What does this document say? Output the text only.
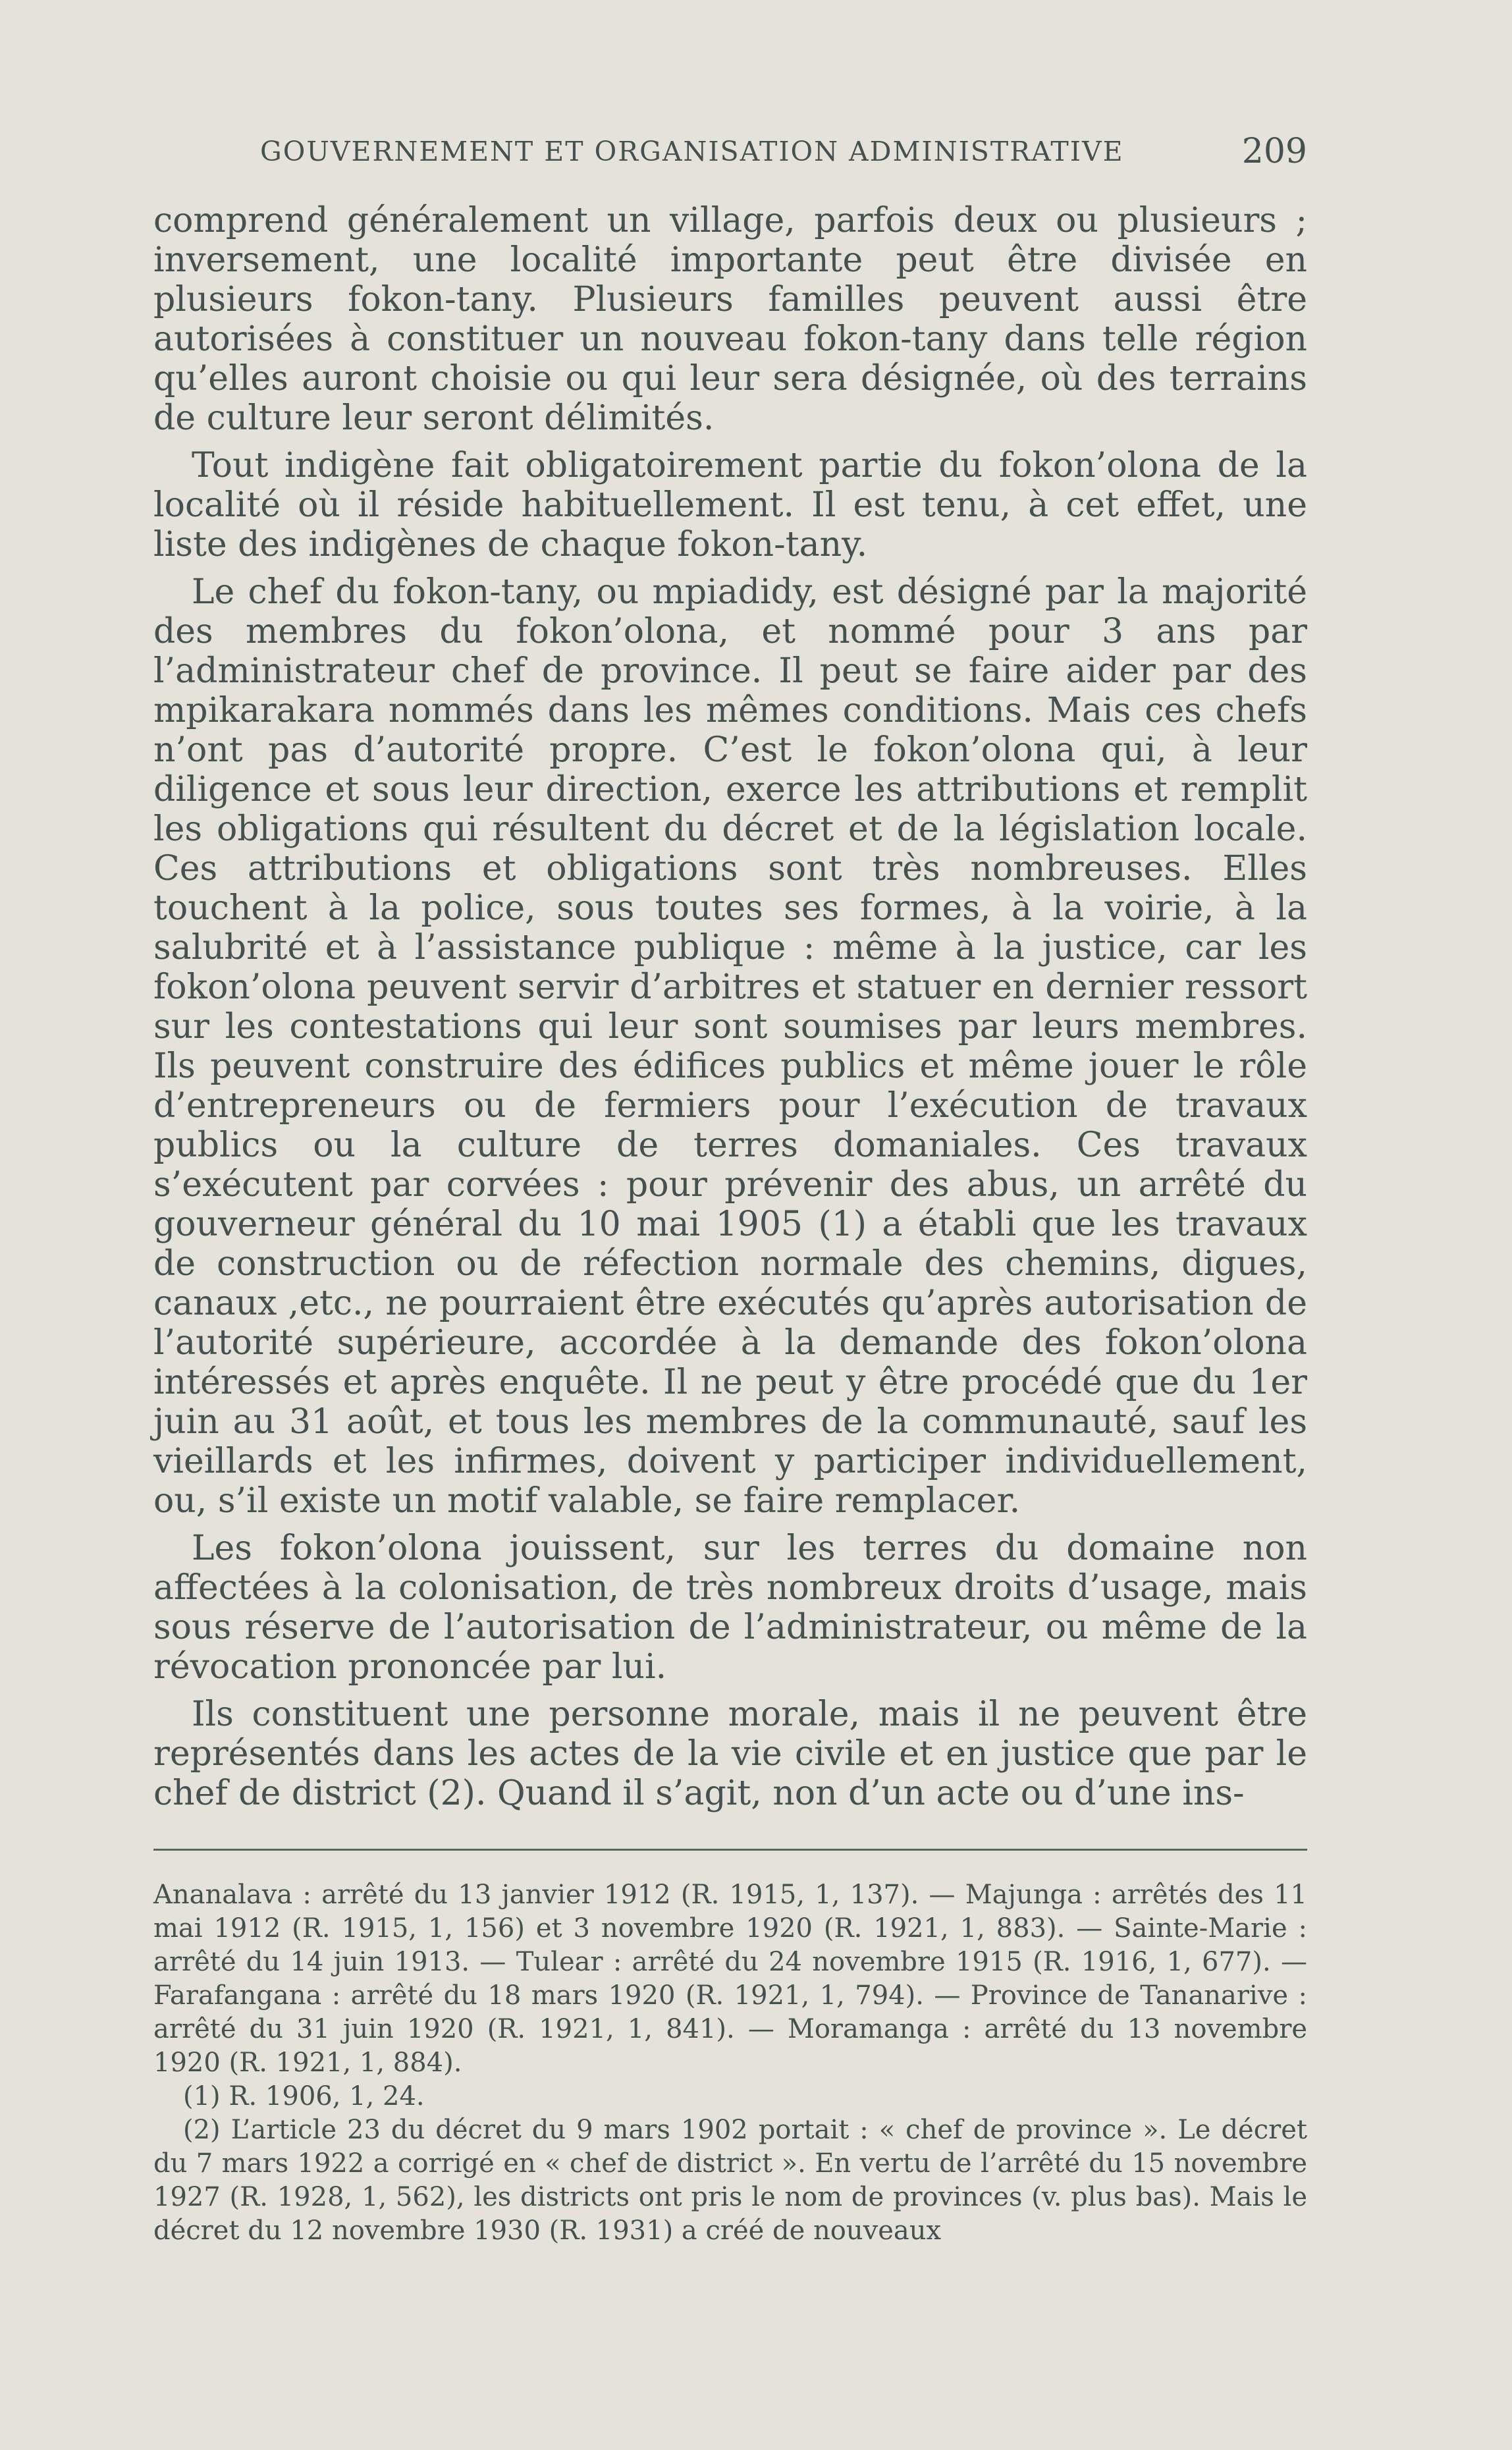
GOUVERNEMENT ET ORGANISATION ADMINISTRATIVE	209

comprend généralement un village, parfois deux ou plusieurs ; inversement, une localité importante peut être divisée en plusieurs fokon-tany. Plusieurs familles peuvent aussi être autorisées à constituer un nouveau fokon-tany dans telle région qu’elles auront choisie ou qui leur sera désignée, où des terrains de culture leur seront délimités.

Tout indigène fait obligatoirement partie du fokon’olona de la localité où il réside habituellement. Il est tenu, à cet effet, une liste des indigènes de chaque fokon-tany.

Le chef du fokon-tany, ou mpiadidy, est désigné par la majorité des membres du fokon’olona, et nommé pour 3 ans par l’administrateur chef de province. Il peut se faire aider par des mpikarakara nommés dans les mêmes conditions. Mais ces chefs n’ont pas d’autorité propre. C’est le fokon’olona qui, à leur diligence et sous leur direction, exerce les attributions et remplit les obligations qui résultent du décret et de la législation locale. Ces attributions et obligations sont très nombreuses. Elles touchent à la police, sous toutes ses formes, à la voirie, à la salubrité et à l’assistance publique : même à la justice, car les fokon’olona peuvent servir d’arbitres et statuer en dernier ressort sur les contestations qui leur sont soumises par leurs membres. Ils peuvent construire des édifices publics et même jouer le rôle d’entrepreneurs ou de fermiers pour l’exécution de travaux publics ou la culture de terres domaniales. Ces travaux s’exécutent par corvées : pour prévenir des abus, un arrêté du gouverneur général du 10 mai 1905 (1) a établi que les travaux de construction ou de réfection normale des chemins, digues, canaux ,etc., ne pourraient être exécutés qu’après autorisation de l’autorité supérieure, accordée à la demande des fokon’olona intéressés et après enquête. Il ne peut y être procédé que du 1er juin au 31 août, et tous les membres de la communauté, sauf les vieillards et les infirmes, doivent y participer individuellement, ou, s’il existe un motif valable, se faire remplacer.

Les fokon’olona jouissent, sur les terres du domaine non affectées à la colonisation, de très nombreux droits d’usage, mais sous réserve de l’autorisation de l’administrateur, ou même de la révocation prononcée par lui.

Ils constituent une personne morale, mais il ne peuvent être représentés dans les actes de la vie civile et en justice que par le chef de district (2). Quand il s’agit, non d’un acte ou d’une ins-

Ananalava : arrêté du 13 janvier 1912 (R. 1915, 1, 137). — Majunga : arrêtés des 11 mai 1912 (R. 1915, 1, 156) et 3 novembre 1920 (R. 1921, 1, 883). — Sainte-Marie : arrêté du 14 juin 1913. — Tulear : arrêté du 24 novembre 1915 (R. 1916, 1, 677). — Farafangana : arrêté du 18 mars 1920 (R. 1921, 1, 794). — Province de Tananarive : arrêté du 31 juin 1920 (R. 1921, 1, 841). — Moramanga : arrêté du 13 novembre 1920 (R. 1921, 1, 884).

(1) R. 1906, 1, 24.

(2) L’article 23 du décret du 9 mars 1902 portait : « chef de province ». Le décret du 7 mars 1922 a corrigé en « chef de district ». En vertu de l’arrêté du 15 novembre 1927 (R. 1928, 1, 562), les districts ont pris le nom de provinces (v. plus bas). Mais le décret du 12 novembre 1930 (R. 1931) a créé de nouveaux
